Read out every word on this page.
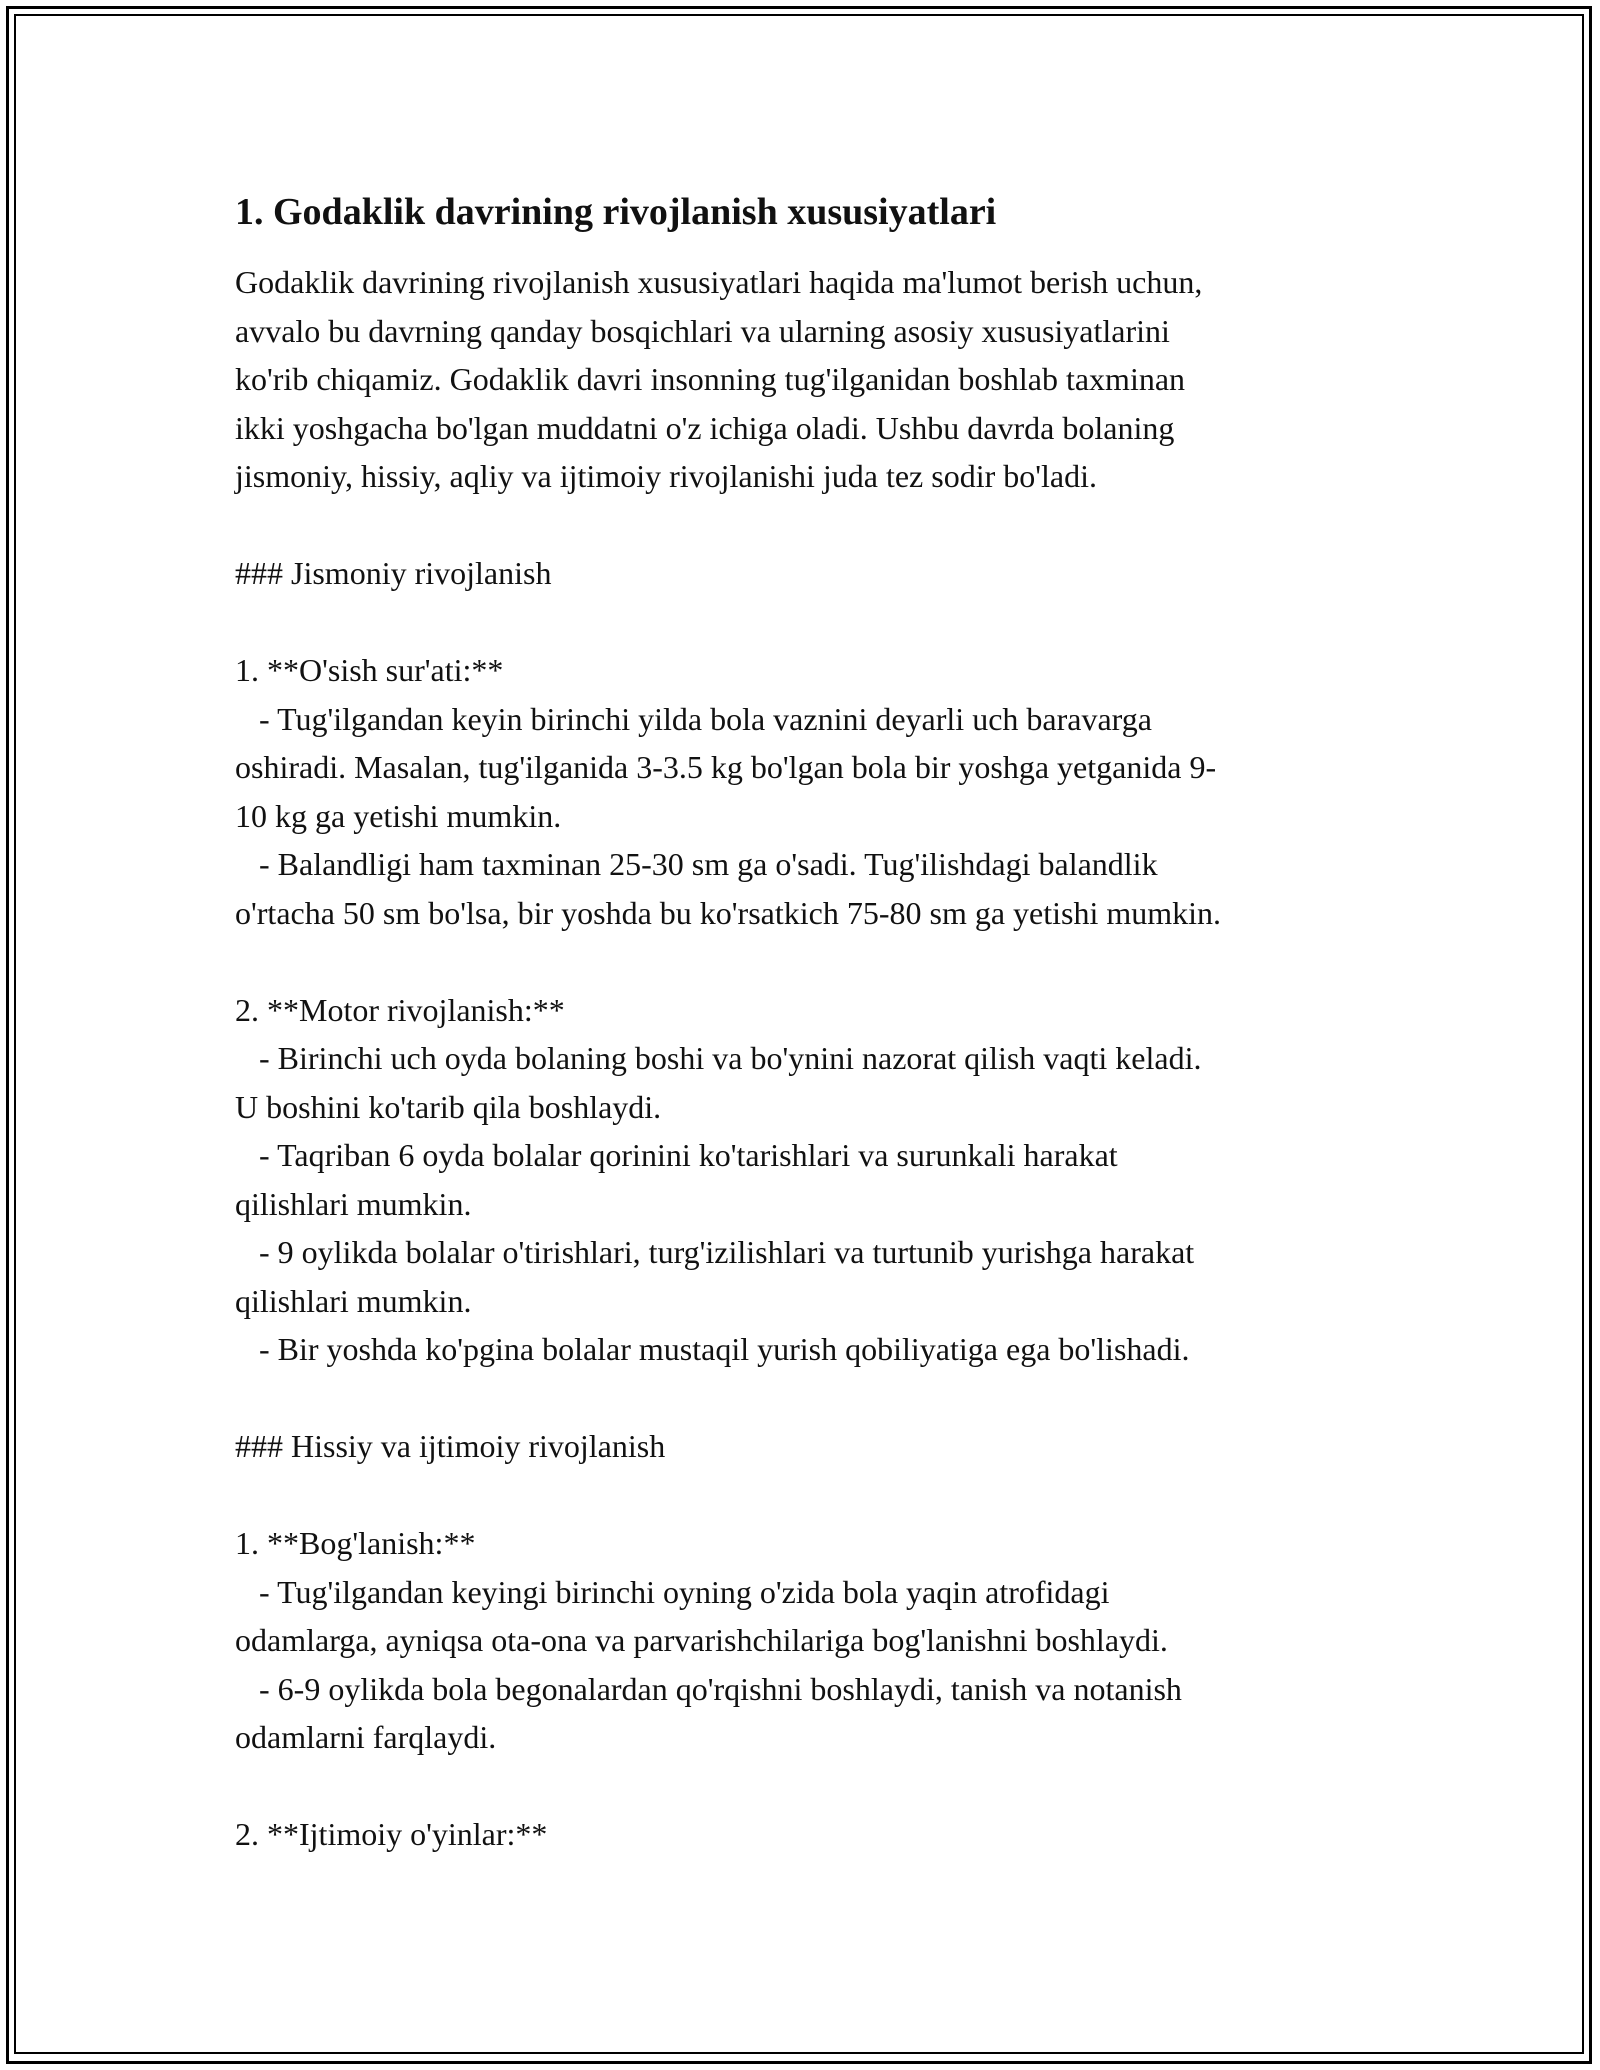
1. Godaklik davrining rivojlanish xususiyatlari
Godaklik davrining rivojlanish xususiyatlari haqida ma'lumot berish uchun,
avvalo bu davrning qanday bosqichlari va ularning asosiy xususiyatlarini
ko'rib chiqamiz. Godaklik davri insonning tug'ilganidan boshlab taxminan
ikki yoshgacha bo'lgan muddatni o'z ichiga oladi. Ushbu davrda bolaning
jismoniy, hissiy, aqliy va ijtimoiy rivojlanishi juda tez sodir bo'ladi.
### Jismoniy rivojlanish
1. **O'sish sur'ati:**
- Tug'ilgandan keyin birinchi yilda bola vaznini deyarli uch baravarga
oshiradi. Masalan, tug'ilganida 3-3.5 kg bo'lgan bola bir yoshga yetganida 9-
10 kg ga yetishi mumkin.
- Balandligi ham taxminan 25-30 sm ga o'sadi. Tug'ilishdagi balandlik
o'rtacha 50 sm bo'lsa, bir yoshda bu ko'rsatkich 75-80 sm ga yetishi mumkin.
2. **Motor rivojlanish:**
- Birinchi uch oyda bolaning boshi va bo'ynini nazorat qilish vaqti keladi.
U boshini ko'tarib qila boshlaydi.
- Taqriban 6 oyda bolalar qorinini ko'tarishlari va surunkali harakat
qilishlari mumkin.
- 9 oylikda bolalar o'tirishlari, turg'izilishlari va turtunib yurishga harakat
qilishlari mumkin.
- Bir yoshda ko'pgina bolalar mustaqil yurish qobiliyatiga ega bo'lishadi.
### Hissiy va ijtimoiy rivojlanish
1. **Bog'lanish:**
- Tug'ilgandan keyingi birinchi oyning o'zida bola yaqin atrofidagi
odamlarga, ayniqsa ota-ona va parvarishchilariga bog'lanishni boshlaydi.
- 6-9 oylikda bola begonalardan qo'rqishni boshlaydi, tanish va notanish
odamlarni farqlaydi.
2. **Ijtimoiy o'yinlar:**
